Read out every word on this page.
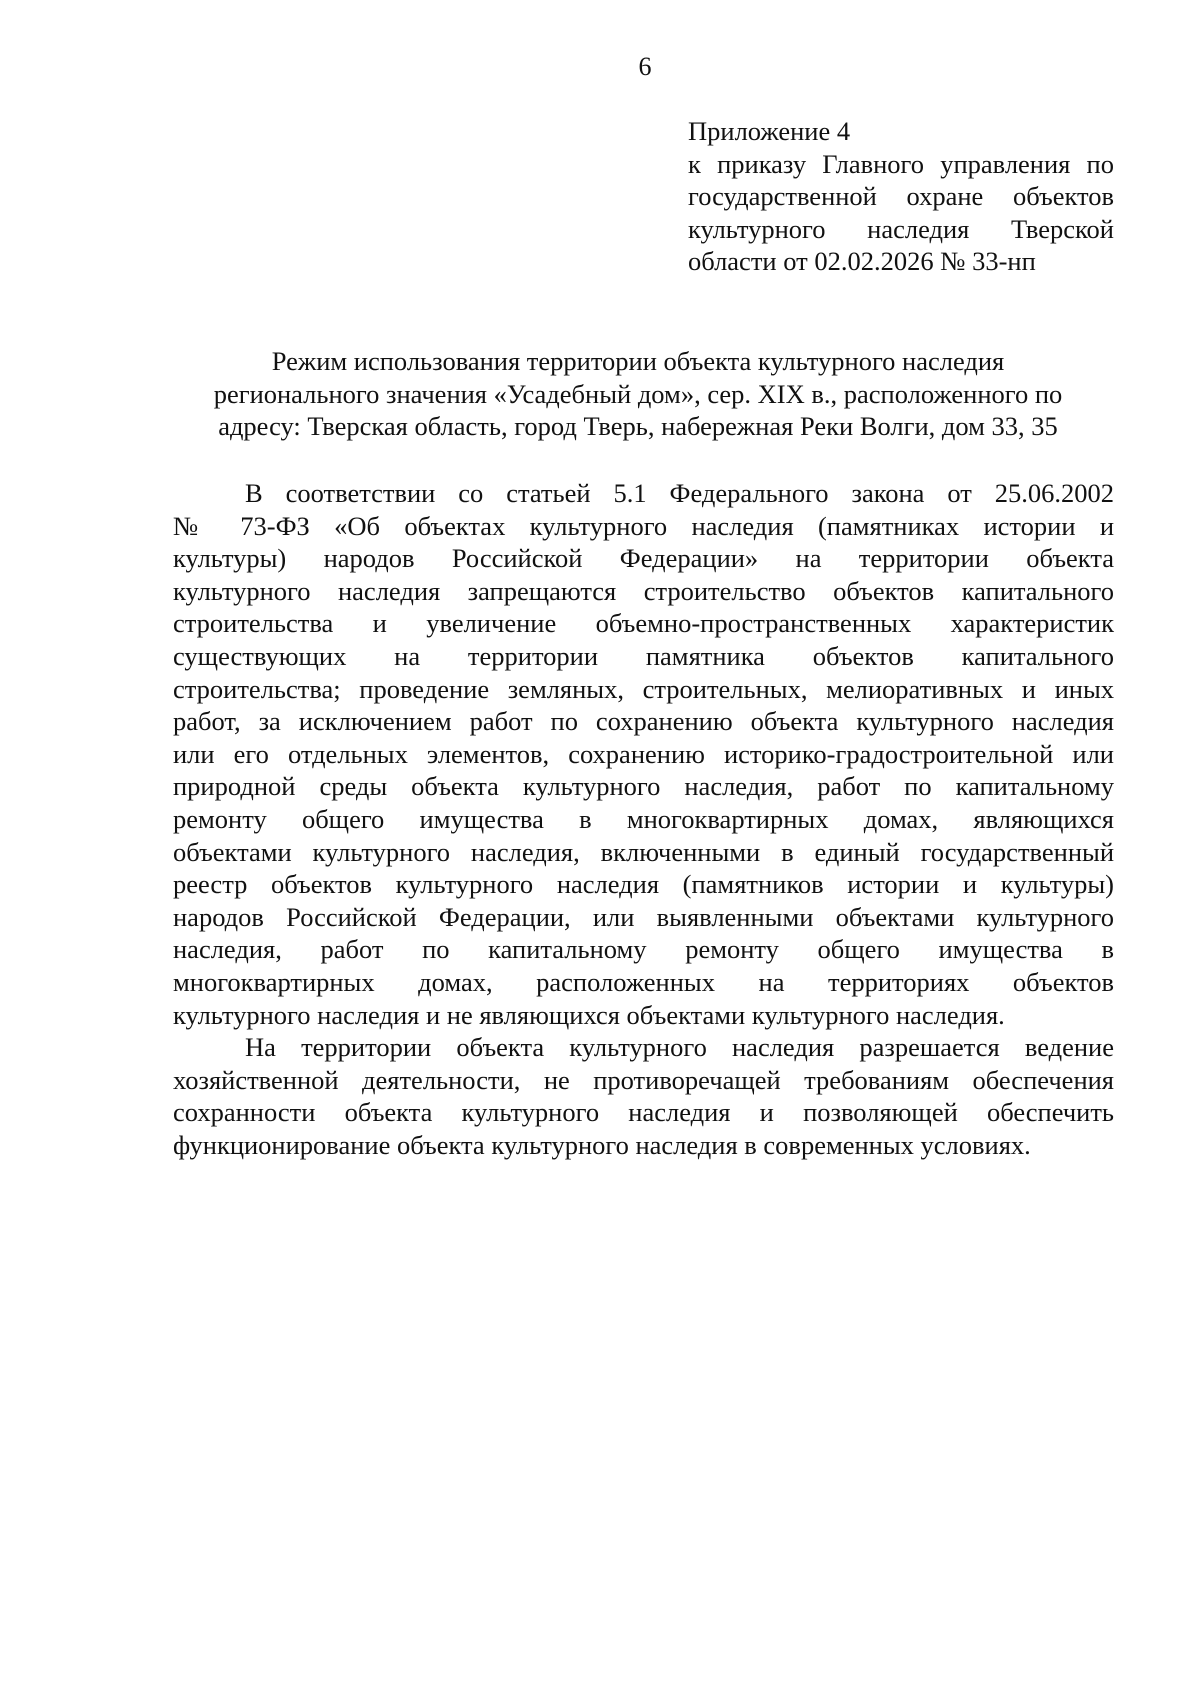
6
Приложение 4
к приказу Главного управления по
государственной охране объектов
культурного наследия Тверской
области от 02.02.2026 № 33-нп
Режим использования территории объекта культурного наследия
регионального значения «Усадебный дом», сер. XIX в., расположенного по
адресу: Тверская область, город Тверь, набережная Реки Волги, дом 33, 35
В соответствии со статьей 5.1 Федерального закона от 25.06.2002
№ 73-ФЗ «Об объектах культурного наследия (памятниках истории и
культуры) народов Российской Федерации» на территории объекта
культурного наследия запрещаются строительство объектов капитального
строительства и увеличение объемно-пространственных характеристик
существующих на территории памятника объектов капитального
строительства; проведение земляных, строительных, мелиоративных и иных
работ, за исключением работ по сохранению объекта культурного наследия
или его отдельных элементов, сохранению историко-градостроительной или
природной среды объекта культурного наследия, работ по капитальному
ремонту общего имущества в многоквартирных домах, являющихся
объектами культурного наследия, включенными в единый государственный
реестр объектов культурного наследия (памятников истории и культуры)
народов Российской Федерации, или выявленными объектами культурного
наследия, работ по капитальному ремонту общего имущества в
многоквартирных домах, расположенных на территориях объектов
культурного наследия и не являющихся объектами культурного наследия.
На территории объекта культурного наследия разрешается ведение
хозяйственной деятельности, не противоречащей требованиям обеспечения
сохранности объекта культурного наследия и позволяющей обеспечить
функционирование объекта культурного наследия в современных условиях.
